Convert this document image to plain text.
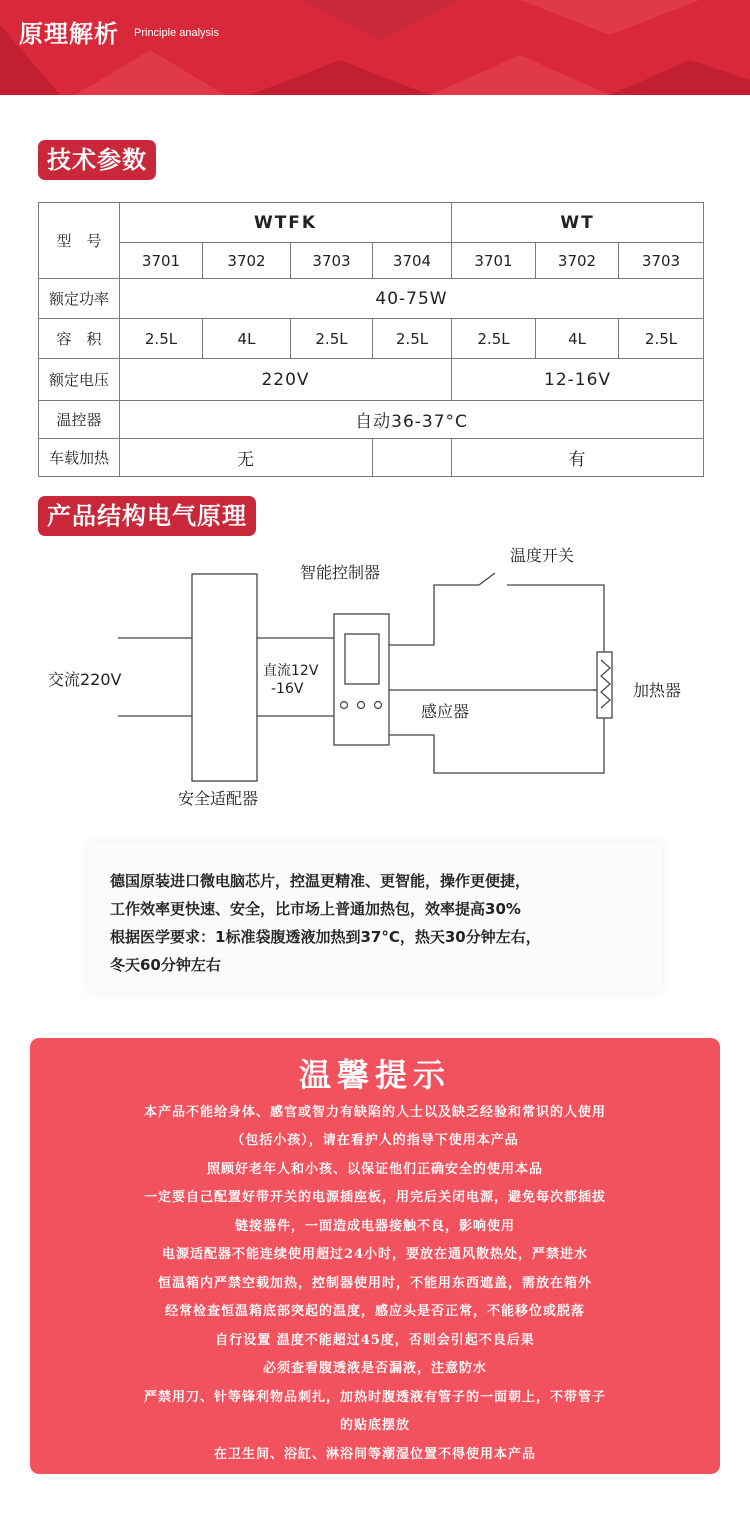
原理解析 Principle analysis
技术参数
型　号	WTFK				WT		
	3701	3702	3703	3704	3701	3702	3703
额定功率	40-75W						
容　积	2.5L	4L	2.5L	2.5L	2.5L	4L	2.5L
额定电压	220V				12-16V		
温控器	自动36-37°C						
车载加热	无				有		
产品结构电气原理
交流220V
安全适配器
直流12V
-16V
智能控制器
温度开关
感应器
加热器
德国原装进口微电脑芯片，控温更精准、更智能，操作更便捷，
工作效率更快速、安全，比市场上普通加热包，效率提高30%
根据医学要求：1标准袋腹透液加热到37°C，热天30分钟左右，
冬天60分钟左右
温馨提示
本产品不能给身体、感官或智力有缺陷的人士以及缺乏经验和常识的人使用
（包括小孩），请在看护人的指导下使用本产品
照顾好老年人和小孩、以保证他们正确安全的使用本品
一定要自己配置好带开关的电源插座板，用完后关闭电源，避免每次都插拔
链接器件，一面造成电器接触不良，影响使用
电源适配器不能连续使用超过24小时，要放在通风散热处，严禁进水
恒温箱内严禁空载加热，控制器使用时，不能用东西遮盖，需放在箱外
经常检查恒温箱底部突起的温度，感应头是否正常，不能移位或脱落
自行设置 温度不能超过45度，否则会引起不良后果
必须查看腹透液是否漏液，注意防水
严禁用刀、针等锋利物品刺扎，加热时腹透液有管子的一面朝上，不带管子
的贴底摆放
在卫生间、浴缸、淋浴间等潮湿位置不得使用本产品
